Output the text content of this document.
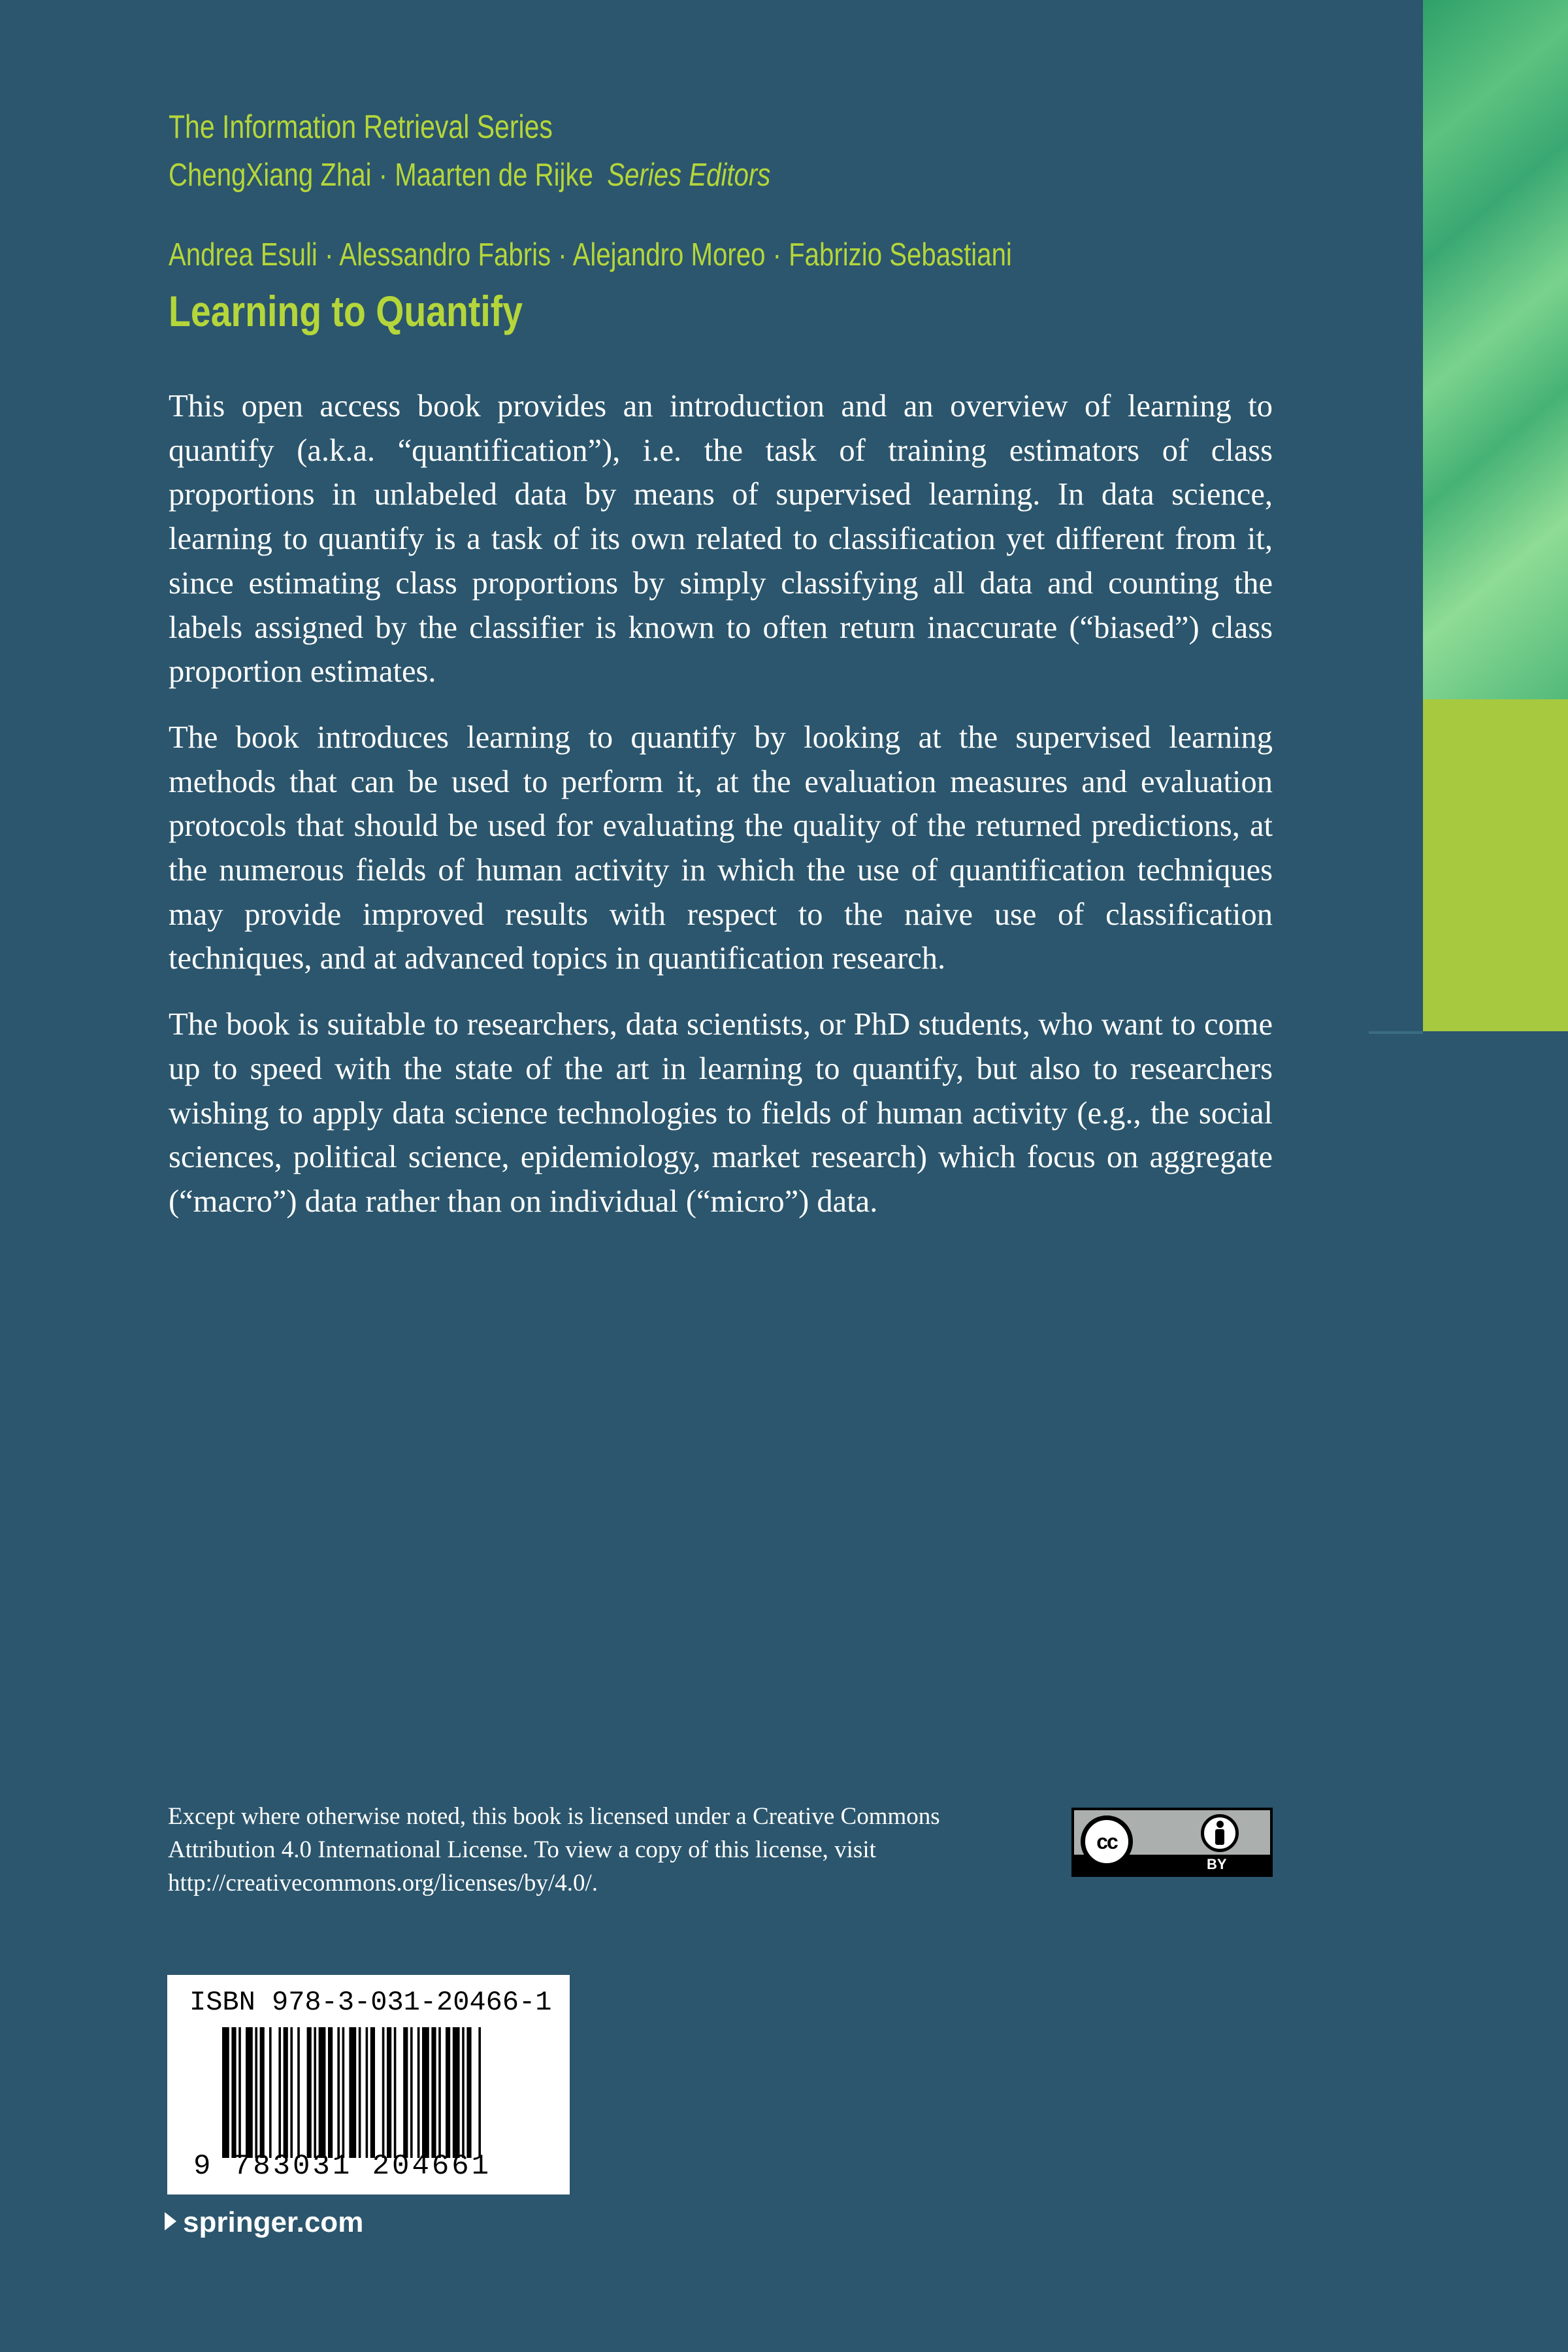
The Information Retrieval Series
ChengXiang Zhai · Maarten de Rijke Series Editors
Andrea Esuli · Alessandro Fabris · Alejandro Moreo · Fabrizio Sebastiani
Learning to Quantify

This open access book provides an introduction and an overview of learning to quantify (a.k.a. “quantification”), i.e. the task of training estimators of class proportions in unlabeled data by means of supervised learning. In data science, learning to quantify is a task of its own related to classification yet different from it, since estimating class proportions by simply classifying all data and counting the labels assigned by the classifier is known to often return inaccurate (“biased”) class proportion estimates.

The book introduces learning to quantify by looking at the supervised learning methods that can be used to perform it, at the evaluation measures and evaluation protocols that should be used for evaluating the quality of the returned predictions, at the numerous fields of human activity in which the use of quantification techniques may provide improved results with respect to the naive use of classification techniques, and at advanced topics in quantification research.

The book is suitable to researchers, data scientists, or PhD students, who want to come up to speed with the state of the art in learning to quantify, but also to researchers wishing to apply data science technologies to fields of human activity (e.g., the social sciences, political science, epidemiology, market research) which focus on aggregate (“macro”) data rather than on individual (“micro”) data.

Except where otherwise noted, this book is licensed under a Creative Commons Attribution 4.0 International License. To view a copy of this license, visit http://creativecommons.org/licenses/by/4.0/.
cc
BY
ISBN 978-3-031-20466-1
9 783031 204661
springer.com
